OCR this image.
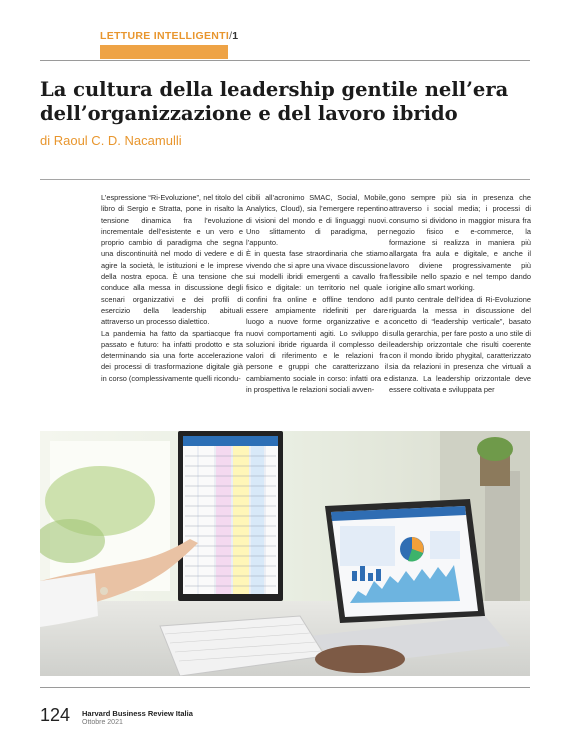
LETTURE INTELLIGENTI/1
La cultura della leadership gentile nell’era dell’organizzazione e del lavoro ibrido
di Raoul C. D. Nacamulli

L’espressione “Ri-Evoluzione”, nel titolo del libro di Sergio e Stratta, pone in risalto la tensione dinamica fra l’evoluzione incrementale dell’esistente e un vero e proprio cambio di paradigma che segna una discontinuità nel modo di vedere e di agire la società, le istituzioni e le imprese della nostra epoca. È una tensione che conduce alla messa in discussione degli scenari organizzativi e dei profili di esercizio della leadership abituali attraverso un processo dialettico.

La pandemia ha fatto da spartiacque fra passato e futuro: ha infatti prodotto e sta determinando sia una forte accelerazione dei processi di trasformazione digitale già in corso (complessivamente quelli ricondu-

cibili all’acronimo SMAC, Social, Mobile, Analytics, Cloud), sia l’emergere repentino di visioni del mondo e di linguaggi nuovi. Uno slittamento di paradigma, per l’appunto.

È in questa fase straordinaria che stiamo vivendo che si apre una vivace discussione sui modelli ibridi emergenti a cavallo fra fisico e digitale: un territorio nel quale i confini fra online e offline tendono ad essere ampiamente ridefiniti per dare luogo a nuove forme organizzative e a nuovi comportamenti agiti. Lo sviluppo di soluzioni ibride riguarda il complesso dei valori di riferimento e le relazioni fra persone e gruppi che caratterizzano il cambiamento sociale in corso: infatti ora e in prospettiva le relazioni sociali avven-

gono sempre più sia in presenza che attraverso i social media; i processi di consumo si dividono in maggior misura fra negozio fisico e e-commerce, la formazione si realizza in maniera più allargata fra aula e digitale, e anche il lavoro diviene progressivamente più flessibile nello spazio e nel tempo dando origine allo smart working.

Il punto centrale dell’idea di Ri-Evoluzione riguarda la messa in discussione del concetto di “leadership verticale”, basato sulla gerarchia, per fare posto a uno stile di leadership orizzontale che risulti coerente con il mondo ibrido phygital, caratterizzato sia da relazioni in presenza che virtuali a distanza. La leadership orizzontale deve essere coltivata e sviluppata per

124 Harvard Business Review Italia
Ottobre 2021
